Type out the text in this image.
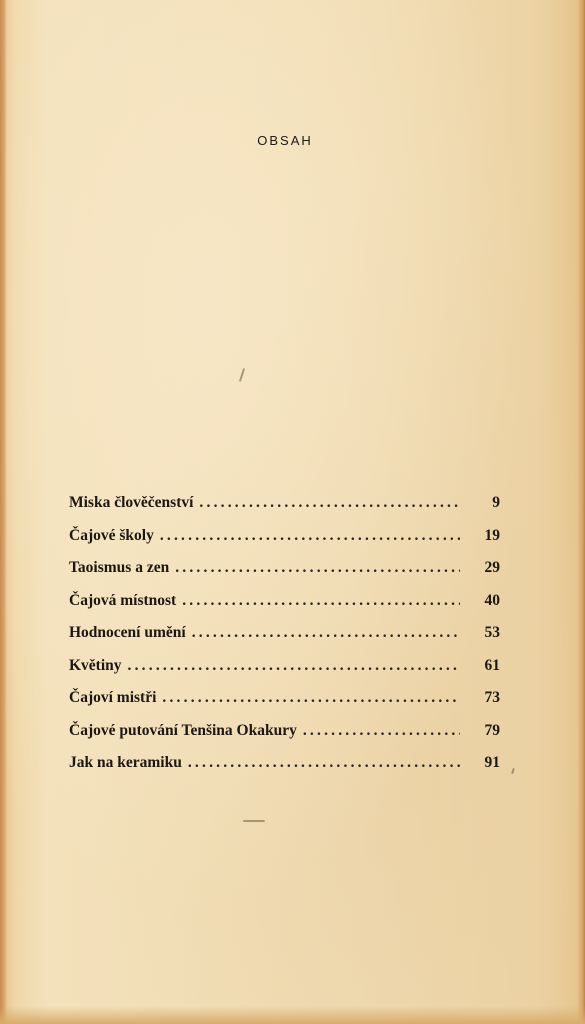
OBSAH
Miska člověčenství .....	9
Čajové školy .....	19
Taoismus a zen .....	29
Čajová místnost .....	40
Hodnocení umění .....	53
Květiny .....	61
Čajoví mistři .....	73
Čajové putování Tenšina Okakury .....	79
Jak na keramiku .....	91
